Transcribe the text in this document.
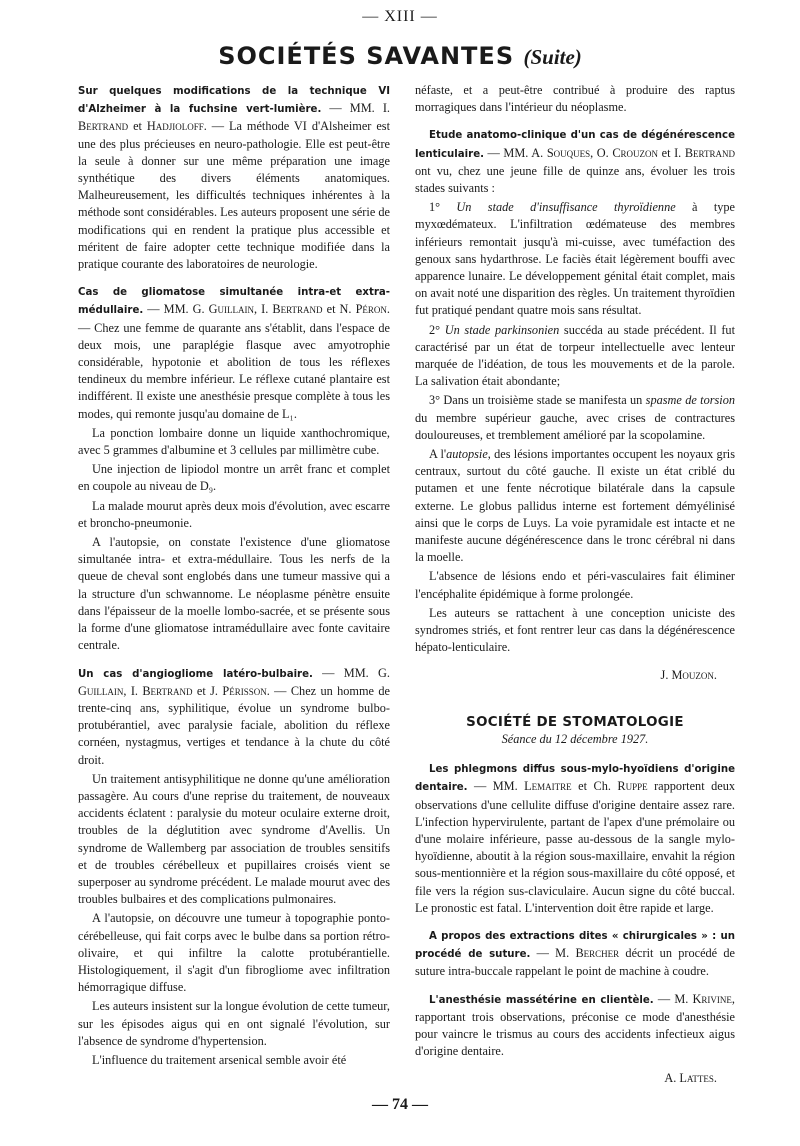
— XIII —
SOCIÉTÉS SAVANTES (Suite)

Sur quelques modifications de la technique VI d'Alzheimer à la fuchsine vert-lumière. — MM. I. Bertrand et Hadjioloff. — La méthode VI d'Alsheimer est une des plus précieuses en neuro-pathologie. Elle est peut-être la seule à donner sur une même préparation une image synthétique des divers éléments anatomiques. Malheureusement, les difficultés techniques inhérentes à la méthode sont considérables. Les auteurs proposent une série de modifications qui en rendent la pratique plus accessible et méritent de faire adopter cette technique modifiée dans la pratique courante des laboratoires de neurologie.

Cas de gliomatose simultanée intra-et extra-médullaire. — MM. G. Guillain, I. Bertrand et N. Péron. — Chez une femme de quarante ans s'établit, dans l'espace de deux mois, une paraplégie flasque avec amyotrophie considérable, hypotonie et abolition de tous les réflexes tendineux du membre inférieur. Le réflexe cutané plantaire est indifférent. Il existe une anesthésie presque complète à tous les modes, qui remonte jusqu'au domaine de L₁.

La ponction lombaire donne un liquide xanthochromique, avec 5 grammes d'albumine et 3 cellules par millimètre cube.

Une injection de lipiodol montre un arrêt franc et complet en coupole au niveau de D₉.

La malade mourut après deux mois d'évolution, avec escarre et broncho-pneumonie.

A l'autopsie, on constate l'existence d'une gliomatose simultanée intra- et extra-médullaire. Tous les nerfs de la queue de cheval sont englobés dans une tumeur massive qui a la structure d'un schwannome. Le néoplasme pénètre ensuite dans l'épaisseur de la moelle lombo-sacrée, et se présente sous la forme d'une gliomatose intramédullaire avec fonte cavitaire centrale.

Un cas d'angiogliome latéro-bulbaire. — MM. G. Guillain, I. Bertrand et J. Périsson. — Chez un homme de trente-cinq ans, syphilitique, évolue un syndrome bulbo-protubérantiel, avec paralysie faciale, abolition du réflexe cornéen, nystagmus, vertiges et tendance à la chute du côté droit.

Un traitement antisyphilitique ne donne qu'une amélioration passagère. Au cours d'une reprise du traitement, de nouveaux accidents éclatent : paralysie du moteur oculaire externe droit, troubles de la déglutition avec syndrome d'Avellis. Un syndrome de Wallemberg par association de troubles sensitifs et de troubles cérébelleux et pupillaires croisés vient se superposer au syndrome précédent. Le malade mourut avec des troubles bulbaires et des complications pulmonaires.

A l'autopsie, on découvre une tumeur à topographie ponto-cérébelleuse, qui fait corps avec le bulbe dans sa portion rétro-olivaire, et qui infiltre la calotte protubérantielle. Histologiquement, il s'agit d'un fibrogliome avec infiltration hémorragique diffuse.

Les auteurs insistent sur la longue évolution de cette tumeur, sur les épisodes aigus qui en ont signalé l'évolution, sur l'absence de syndrome d'hypertension.

L'influence du traitement arsenical semble avoir été

néfaste, et a peut-être contribué à produire des raptus morragiques dans l'intérieur du néoplasme.

Etude anatomo-clinique d'un cas de dégénérescence lenticulaire. — MM. A. Souques, O. Crouzon et I. Bertrand ont vu, chez une jeune fille de quinze ans, évoluer les trois stades suivants :

1° Un stade d'insuffisance thyroïdienne à type myxœdémateux. L'infiltration œdémateuse des membres inférieurs remontait jusqu'à mi-cuisse, avec tuméfaction des genoux sans hydarthrose. Le faciès était légèrement bouffi avec apparence lunaire. Le développement génital était complet, mais on avait noté une disparition des règles. Un traitement thyroïdien fut pratiqué pendant quatre mois sans résultat.

2° Un stade parkinsonien succéda au stade précédent. Il fut caractérisé par un état de torpeur intellectuelle avec lenteur marquée de l'idéation, de tous les mouvements et de la parole. La salivation était abondante;

3° Dans un troisième stade se manifesta un spasme de torsion du membre supérieur gauche, avec crises de contractures douloureuses, et tremblement amélioré par la scopolamine.

A l'autopsie, des lésions importantes occupent les noyaux gris centraux, surtout du côté gauche. Il existe un état criblé du putamen et une fente nécrotique bilatérale dans la capsule externe. Le globus pallidus interne est fortement démyélinisé ainsi que le corps de Luys. La voie pyramidale est intacte et ne manifeste aucune dégénérescence dans le tronc cérébral ni dans la moelle.

L'absence de lésions endo et péri-vasculaires fait éliminer l'encéphalite épidémique à forme prolongée.

Les auteurs se rattachent à une conception uniciste des syndromes striés, et font rentrer leur cas dans la dégénérescence hépato-lenticulaire.

J. Mouzon.
SOCIÉTÉ DE STOMATOLOGIE
Séance du 12 décembre 1927.

Les phlegmons diffus sous-mylo-hyoïdiens d'origine dentaire. — MM. Lemaitre et Ch. Ruppe rapportent deux observations d'une cellulite diffuse d'origine dentaire assez rare. L'infection hypervirulente, partant de l'apex d'une prémolaire ou d'une molaire inférieure, passe au-dessous de la sangle mylo-hyoïdienne, aboutit à la région sous-maxillaire, envahit la région sous-mentionnière et la région sous-maxillaire du côté opposé, et file vers la région sus-claviculaire. Aucun signe du côté buccal. Le pronostic est fatal. L'intervention doit être rapide et large.

A propos des extractions dites « chirurgicales » : un procédé de suture. — M. Bercher décrit un procédé de suture intra-buccale rappelant le point de machine à coudre.

L'anesthésie massétérine en clientèle. — M. Krivine, rapportant trois observations, préconise ce mode d'anesthésie pour vaincre le trismus au cours des accidents infectieux aigus d'origine dentaire.

A. Lattes.
— 74 —
